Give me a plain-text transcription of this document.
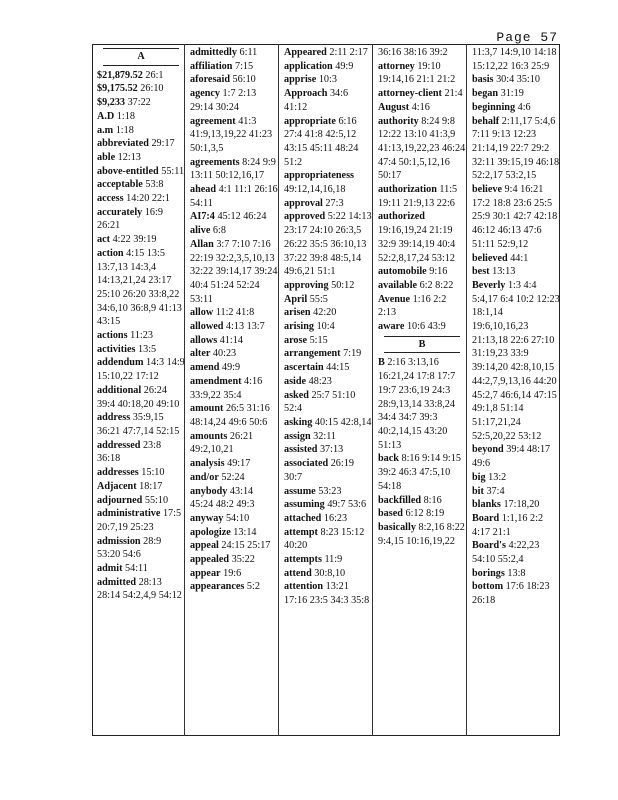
Page 57
A
$21,879.52 26:1
$9,175.52 26:10
$9,233 37:22
A.D 1:18
a.m 1:18
abbreviated 29:17
able 12:13
above-entitled 55:11
acceptable 53:8
access 14:20 22:1
accurately 16:9 26:21
act 4:22 39:19
action 4:15 13:5 13:7,13 14:3,4 14:13,21,24 23:17 25:10 26:20 33:8,22 34:6,10 36:8,9 41:13 43:15
actions 11:23
activities 13:5
addendum 14:3 14:9 15:10,22 17:12
additional 26:24 39:4 40:18,20 49:10
address 35:9,15 36:21 47:7,14 52:15
addressed 23:8 36:18
addresses 15:10
Adjacent 18:17
adjourned 55:10
administrative 17:5 20:7,19 25:23
admission 28:9 53:20 54:6
admit 54:11
admitted 28:13 28:14 54:2,4,9 54:12
admittedly 6:11
affiliation 7:15
aforesaid 56:10
agency 1:7 2:13 29:14 30:24
agreement 41:3 41:9,13,19,22 41:23 50:1,3,5
agreements 8:24 9:9 13:11 50:12,16,17
ahead 4:1 11:1 26:16 54:11
AI7:4 45:12 46:24
alive 6:8
Allan 3:7 7:10 7:16 22:19 32:2,3,5,10,13 32:22 39:14,17 39:24 40:4 51:24 52:24 53:11
allow 11:2 41:8
allowed 4:13 13:7
allows 41:14
alter 40:23
amend 49:9
amendment 4:16 33:9,22 35:4
amount 26:5 31:16 48:14,24 49:6 50:6
amounts 26:21 49:2,10,21
analysis 49:17
and/or 52:24
anybody 43:14 45:24 48:2 49:3
anyway 54:10
apologize 13:14
appeal 24:15 25:17
appealed 35:22
appear 19:6
appearances 5:2
Appeared 2:11 2:17
application 49:9
apprise 10:3
Approach 34:6 41:12
appropriate 6:16 27:4 41:8 42:5,12 43:15 45:11 48:24 51:2
appropriateness 49:12,14,16,18
approval 27:3
approved 5:22 14:13 23:17 24:10 26:3,5 26:22 35:5 36:10,13 37:22 39:8 48:5,14 49:6,21 51:1
approving 50:12
April 55:5
arisen 42:20
arising 10:4
arose 5:15
arrangement 7:19
ascertain 44:15
aside 48:23
asked 25:7 51:10 52:4
asking 40:15 42:8,14
assign 32:11
assisted 37:13
associated 26:19 30:7
assume 53:23
assuming 49:7 53:6
attached 16:23
attempt 8:23 15:12 40:20
attempts 11:9
attend 30:8,10
attention 13:21 17:16 23:5 34:3 35:8
36:16 38:16 39:2
attorney 19:10 19:14,16 21:1 21:2
attorney-client 21:4
August 4:16
authority 8:24 9:8 12:22 13:10 41:3,9 41:13,19,22,23 46:24 47:4 50:1,5,12,16 50:17
authorization 11:5 19:11 21:9,13 22:6
authorized 19:16,19,24 21:19 32:9 39:14,19 40:4 52:2,8,17,24 53:12
automobile 9:16
available 6:2 8:22
Avenue 1:16 2:2 2:13
aware 10:6 43:9
B
B 2:16 3:13,16 16:21,24 17:8 17:7 19:7 23:6,19 24:3 28:9,13,14 33:8,24 34:4 34:7 39:3 40:2,14,15 43:20 51:13
back 8:16 9:14 9:15 39:2 46:3 47:5,10 54:18
backfilled 8:16
based 6:12 8:19
basically 8:2,16 8:22 9:4,15 10:16,19,22
11:3,7 14:9,10 14:18 15:12,22 16:3 25:9
basis 30:4 35:10
began 31:19
beginning 4:6
behalf 2:11,17 5:4,6 7:11 9:13 12:23 21:14,19 22:7 29:2 32:11 39:15,19 46:18 52:2,17 53:2,15
believe 9:4 16:21 17:2 18:8 23:6 25:5 25:9 30:1 42:7 42:18 46:12 46:13 47:6 51:11 52:9,12
believed 44:1
best 13:13
Beverly 1:3 4:4 5:4,17 6:4 10:2 12:23 18:1,14 19:6,10,16,23 21:13,18 22:6 27:10 31:19,23 33:9 39:14,20 42:8,10,15 44:2,7,9,13,16 44:20 45:2,7 46:6,14 47:15 49:1,8 51:14 51:17,21,24 52:5,20,22 53:12
beyond 39:4 48:17 49:6
big 13:2
bit 37:4
blanks 17:18,20
Board 1:1,16 2:2 4:17 21:1
Board's 4:22,23 54:10 55:2,4
borings 13:8
bottom 17:6 18:23 26:18
